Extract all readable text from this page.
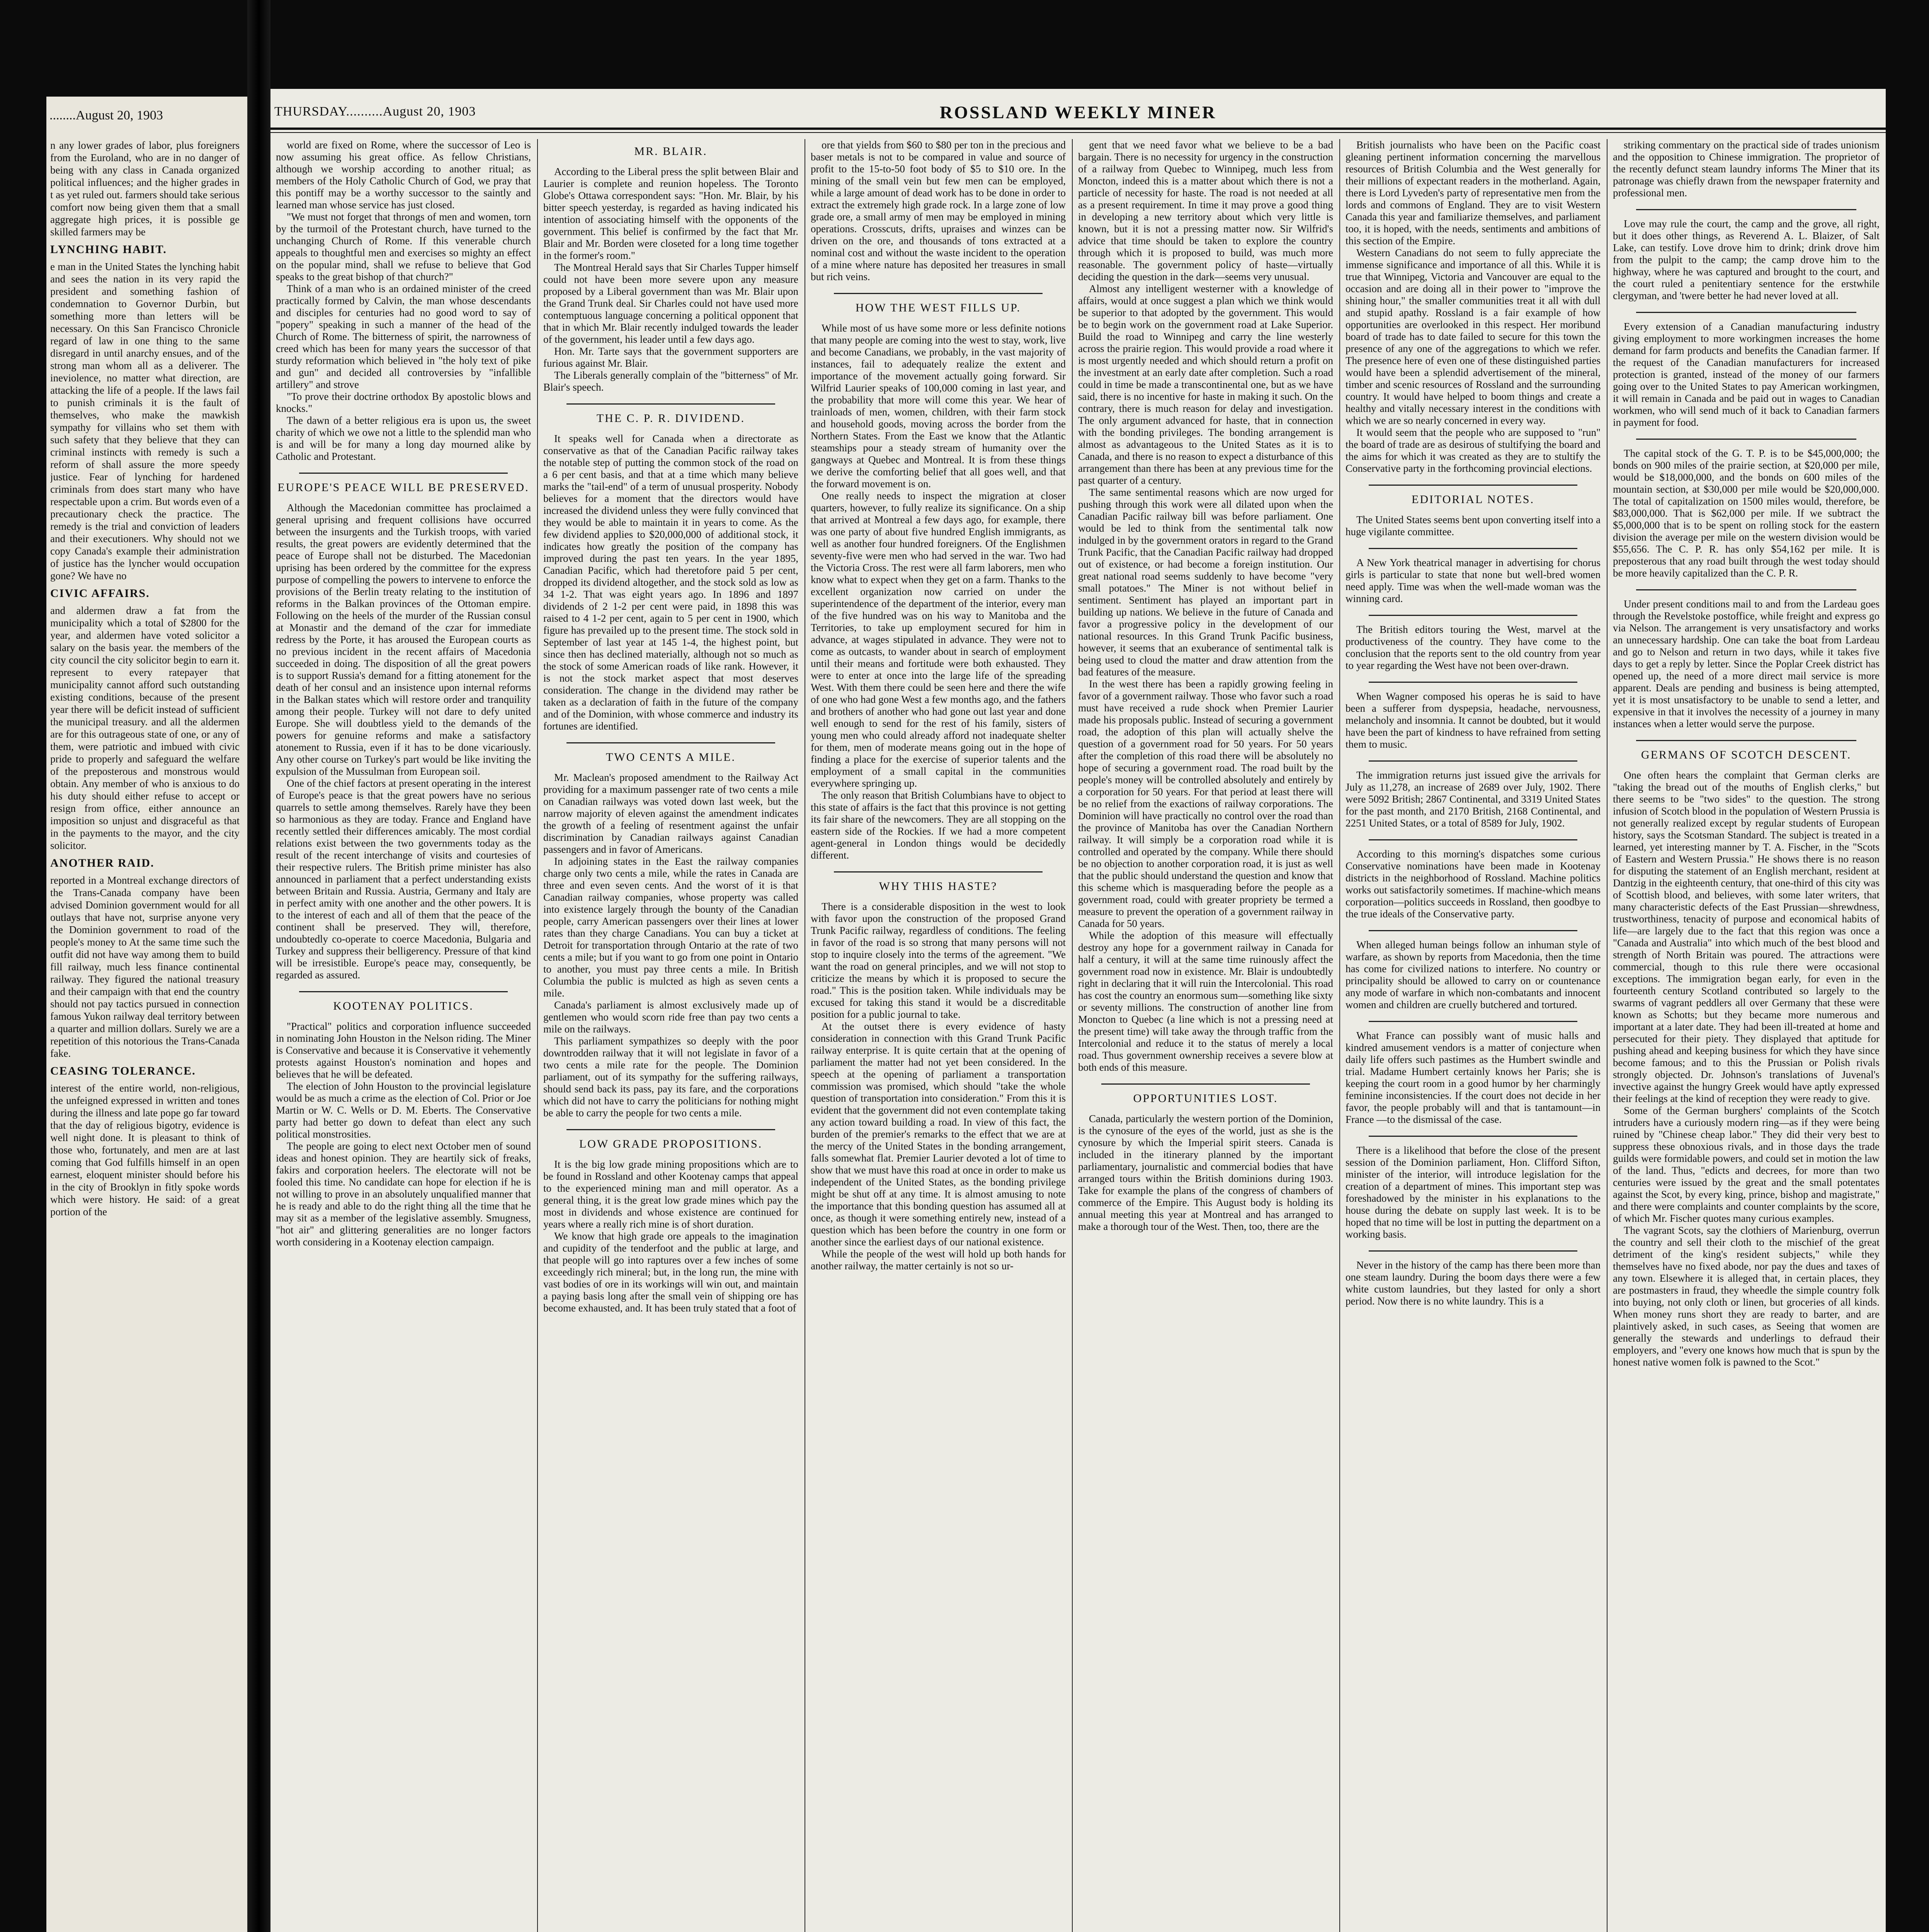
........August 20, 1903

n any lower grades of labor, plus foreigners from the Euroland, who are in no danger of being with any class in Canada organized political influences; and the higher grades in t as yet ruled out. farmers should take serious comfort now being given them that a small aggregate high prices, it is possible ge skilled farmers may be

LYNCHING HABIT.

e man in the United States the lynching habit and sees the nation in its very rapid the president and something fashion of condemnation to Governor Durbin, but something more than letters will be necessary. On this San Francisco Chronicle regard of law in one thing to the same disregard in until anarchy ensues, and of the strong man whom all as a deliverer. The ineviolence, no matter what direction, are attacking the life of a people. If the laws fail to punish criminals it is the fault of themselves, who make the mawkish sympathy for villains who set them with such safety that they believe that they can criminal instincts with remedy is such a reform of shall assure the more speedy justice. Fear of lynching for hardened criminals from does start many who have respectable upon a crim. But words even of a precautionary check the practice. The remedy is the trial and conviction of leaders and their executioners. Why should not we copy Canada's example their administration of justice has the lyncher would occupation gone? We have no

CIVIC AFFAIRS.

and aldermen draw a fat from the municipality which a total of $2800 for the year, and aldermen have voted solicitor a salary on the basis year. the members of the city council the city solicitor begin to earn it. represent to every ratepayer that municipality cannot afford such outstanding existing conditions, because of the present year there will be deficit instead of sufficient the municipal treasury. and all the aldermen are for this outrageous state of one, or any of them, were patriotic and imbued with civic pride to properly and safeguard the welfare of the preposterous and monstrous would obtain. Any member of who is anxious to do his duty should either refuse to accept or resign from office, either announce an imposition so unjust and disgraceful as that in the payments to the mayor, and the city solicitor.

ANOTHER RAID.

reported in a Montreal exchange directors of the Trans-Canada company have been advised Dominion government would for all outlays that have not, surprise anyone very the Dominion government to road of the people's money to At the same time such the outfit did not have way among them to build fill railway, much less finance continental railway. They figured the national treasury and their campaign with that end the country should not pay tactics pursued in connection famous Yukon railway deal territory between a quarter and million dollars. Surely we are a repetition of this notorious the Trans-Canada fake.

CEASING TOLERANCE.

interest of the entire world, non-religious, the unfeigned expressed in written and tones during the illness and late pope go far toward that the day of religious bigotry, evidence is well night done. It is pleasant to think of those who, fortunately, and men are at last coming that God fulfills himself in an open earnest, eloquent minister should before his in the city of Brooklyn in fitly spoke words which were history. He said: of a great portion of the

ROSSLAND WEEKLY MINER
THURSDAY..........August 20, 1903

world are fixed on Rome, where the successor of Leo is now assuming his great office. As fellow Christians, although we worship according to another ritual; as members of the Holy Catholic Church of God, we pray that this pontiff may be a worthy successor to the saintly and learned man whose service has just closed.

"We must not forget that throngs of men and women, torn by the turmoil of the Protestant church, have turned to the unchanging Church of Rome. If this venerable church appeals to thoughtful men and exercises so mighty an effect on the popular mind, shall we refuse to believe that God speaks to the great bishop of that church?"

Think of a man who is an ordained minister of the creed practically formed by Calvin, the man whose descendants and disciples for centuries had no good word to say of "popery" speaking in such a manner of the head of the Church of Rome. The bitterness of spirit, the narrowness of creed which has been for many years the successor of that sturdy reformation which believed in "the holy text of pike and gun" and decided all controversies by "infallible artillery" and strove

"To prove their doctrine orthodox By apostolic blows and knocks."

The dawn of a better religious era is upon us, the sweet charity of which we owe not a little to the splendid man who is and will be for many a long day mourned alike by Catholic and Protestant.

EUROPE'S PEACE WILL BE PRESERVED.

Although the Macedonian committee has proclaimed a general uprising and frequent collisions have occurred between the insurgents and the Turkish troops, with varied results, the great powers are evidently determined that the peace of Europe shall not be disturbed. The Macedonian uprising has been ordered by the committee for the express purpose of compelling the powers to intervene to enforce the provisions of the Berlin treaty relating to the institution of reforms in the Balkan provinces of the Ottoman empire. Following on the heels of the murder of the Russian consul at Monastir and the demand of the czar for immediate redress by the Porte, it has aroused the European courts as no previous incident in the recent affairs of Macedonia succeeded in doing. The disposition of all the great powers is to support Russia's demand for a fitting atonement for the death of her consul and an insistence upon internal reforms in the Balkan states which will restore order and tranquility among their people. Turkey will not dare to defy united Europe. She will doubtless yield to the demands of the powers for genuine reforms and make a satisfactory atonement to Russia, even if it has to be done vicariously. Any other course on Turkey's part would be like inviting the expulsion of the Mussulman from European soil.

One of the chief factors at present operating in the interest of Europe's peace is that the great powers have no serious quarrels to settle among themselves. Rarely have they been so harmonious as they are today. France and England have recently settled their differences amicably. The most cordial relations exist between the two governments today as the result of the recent interchange of visits and courtesies of their respective rulers. The British prime minister has also announced in parliament that a perfect understanding exists between Britain and Russia. Austria, Germany and Italy are in perfect amity with one another and the other powers. It is to the interest of each and all of them that the peace of the continent shall be preserved. They will, therefore, undoubtedly co-operate to coerce Macedonia, Bulgaria and Turkey and suppress their belligerency. Pressure of that kind will be irresistible. Europe's peace may, consequently, be regarded as assured.

KOOTENAY POLITICS.

"Practical" politics and corporation influence succeeded in nominating John Houston in the Nelson riding. The Miner is Conservative and because it is Conservative it vehemently protests against Houston's nomination and hopes and believes that he will be defeated.

The election of John Houston to the provincial legislature would be as much a crime as the election of Col. Prior or Joe Martin or W. C. Wells or D. M. Eberts. The Conservative party had better go down to defeat than elect any such political monstrosities.

The people are going to elect next October men of sound ideas and honest opinion. They are heartily sick of freaks, fakirs and corporation heelers. The electorate will not be fooled this time. No candidate can hope for election if he is not willing to prove in an absolutely unqualified manner that he is ready and able to do the right thing all the time that he may sit as a member of the legislative assembly. Smugness, "hot air" and glittering generalities are no longer factors worth considering in a Kootenay election campaign.

MR. BLAIR.

According to the Liberal press the split between Blair and Laurier is complete and reunion hopeless. The Toronto Globe's Ottawa correspondent says: "Hon. Mr. Blair, by his bitter speech yesterday, is regarded as having indicated his intention of associating himself with the opponents of the government. This belief is confirmed by the fact that Mr. Blair and Mr. Borden were closeted for a long time together in the former's room."

The Montreal Herald says that Sir Charles Tupper himself could not have been more severe upon any measure proposed by a Liberal government than was Mr. Blair upon the Grand Trunk deal. Sir Charles could not have used more contemptuous language concerning a political opponent that that in which Mr. Blair recently indulged towards the leader of the government, his leader until a few days ago.

Hon. Mr. Tarte says that the government supporters are furious against Mr. Blair.

The Liberals generally complain of the "bitterness" of Mr. Blair's speech.

THE C. P. R. DIVIDEND.

It speaks well for Canada when a directorate as conservative as that of the Canadian Pacific railway takes the notable step of putting the common stock of the road on a 6 per cent basis, and that at a time which many believe marks the "tail-end" of a term of unusual prosperity. Nobody believes for a moment that the directors would have increased the dividend unless they were fully convinced that they would be able to maintain it in years to come. As the few dividend applies to $20,000,000 of additional stock, it indicates how greatly the position of the company has improved during the past ten years. In the year 1895, Canadian Pacific, which had theretofore paid 5 per cent, dropped its dividend altogether, and the stock sold as low as 34 1-2. That was eight years ago. In 1896 and 1897 dividends of 2 1-2 per cent were paid, in 1898 this was raised to 4 1-2 per cent, again to 5 per cent in 1900, which figure has prevailed up to the present time. The stock sold in September of last year at 145 1-4, the highest point, but since then has declined materially, although not so much as the stock of some American roads of like rank. However, it is not the stock market aspect that most deserves consideration. The change in the dividend may rather be taken as a declaration of faith in the future of the company and of the Dominion, with whose commerce and industry its fortunes are identified.

TWO CENTS A MILE.

Mr. Maclean's proposed amendment to the Railway Act providing for a maximum passenger rate of two cents a mile on Canadian railways was voted down last week, but the narrow majority of eleven against the amendment indicates the growth of a feeling of resentment against the unfair discrimination by Canadian railways against Canadian passengers and in favor of Americans.

In adjoining states in the East the railway companies charge only two cents a mile, while the rates in Canada are three and even seven cents. And the worst of it is that Canadian railway companies, whose property was called into existence largely through the bounty of the Canadian people, carry American passengers over their lines at lower rates than they charge Canadians. You can buy a ticket at Detroit for transportation through Ontario at the rate of two cents a mile; but if you want to go from one point in Ontario to another, you must pay three cents a mile. In British Columbia the public is mulcted as high as seven cents a mile.

Canada's parliament is almost exclusively made up of gentlemen who would scorn ride free than pay two cents a mile on the railways.

This parliament sympathizes so deeply with the poor downtrodden railway that it will not legislate in favor of a two cents a mile rate for the people. The Dominion parliament, out of its sympathy for the suffering railways, should send back its pass, pay its fare, and the corporations which did not have to carry the politicians for nothing might be able to carry the people for two cents a mile.

LOW GRADE PROPOSITIONS.

It is the big low grade mining propositions which are to be found in Rossland and other Kootenay camps that appeal to the experienced mining man and mill operator. As a general thing, it is the great low grade mines which pay the most in dividends and whose existence are continued for years where a really rich mine is of short duration.

We know that high grade ore appeals to the imagination and cupidity of the tenderfoot and the public at large, and that people will go into raptures over a few inches of some exceedingly rich mineral; but, in the long run, the mine with vast bodies of ore in its workings will win out, and maintain a paying basis long after the small vein of shipping ore has become exhausted, and. It has been truly stated that a foot of

ore that yields from $60 to $80 per ton in the precious and baser metals is not to be compared in value and source of profit to the 15-to-50 foot body of $5 to $10 ore. In the mining of the small vein but few men can be employed, while a large amount of dead work has to be done in order to extract the extremely high grade rock. In a large zone of low grade ore, a small army of men may be employed in mining operations. Crosscuts, drifts, upraises and winzes can be driven on the ore, and thousands of tons extracted at a nominal cost and without the waste incident to the operation of a mine where nature has deposited her treasures in small but rich veins.

HOW THE WEST FILLS UP.

While most of us have some more or less definite notions that many people are coming into the west to stay, work, live and become Canadians, we probably, in the vast majority of instances, fail to adequately realize the extent and importance of the movement actually going forward. Sir Wilfrid Laurier speaks of 100,000 coming in last year, and the probability that more will come this year. We hear of trainloads of men, women, children, with their farm stock and household goods, moving across the border from the Northern States. From the East we know that the Atlantic steamships pour a steady stream of humanity over the gangways at Quebec and Montreal. It is from these things we derive the comforting belief that all goes well, and that the forward movement is on.

One really needs to inspect the migration at closer quarters, however, to fully realize its significance. On a ship that arrived at Montreal a few days ago, for example, there was one party of about five hundred English immigrants, as well as another four hundred foreigners. Of the Englishmen seventy-five were men who had served in the war. Two had the Victoria Cross. The rest were all farm laborers, men who know what to expect when they get on a farm. Thanks to the excellent organization now carried on under the superintendence of the department of the interior, every man of the five hundred was on his way to Manitoba and the Territories, to take up employment secured for him in advance, at wages stipulated in advance. They were not to come as outcasts, to wander about in search of employment until their means and fortitude were both exhausted. They were to enter at once into the large life of the spreading West. With them there could be seen here and there the wife of one who had gone West a few months ago, and the fathers and brothers of another who had gone out last year and done well enough to send for the rest of his family, sisters of young men who could already afford not inadequate shelter for them, men of moderate means going out in the hope of finding a place for the exercise of superior talents and the employment of a small capital in the communities everywhere springing up.

The only reason that British Columbians have to object to this state of affairs is the fact that this province is not getting its fair share of the newcomers. They are all stopping on the eastern side of the Rockies. If we had a more competent agent-general in London things would be decidedly different.

WHY THIS HASTE?

There is a considerable disposition in the west to look with favor upon the construction of the proposed Grand Trunk Pacific railway, regardless of conditions. The feeling in favor of the road is so strong that many persons will not stop to inquire closely into the terms of the agreement. "We want the road on general principles, and we will not stop to criticize the means by which it is proposed to secure the road." This is the position taken. While individuals may be excused for taking this stand it would be a discreditable position for a public journal to take.

At the outset there is every evidence of hasty consideration in connection with this Grand Trunk Pacific railway enterprise. It is quite certain that at the opening of parliament the matter had not yet been considered. In the speech at the opening of parliament a transportation commission was promised, which should "take the whole question of transportation into consideration." From this it is evident that the government did not even contemplate taking any action toward building a road. In view of this fact, the burden of the premier's remarks to the effect that we are at the mercy of the United States in the bonding arrangement, falls somewhat flat. Premier Laurier devoted a lot of time to show that we must have this road at once in order to make us independent of the United States, as the bonding privilege might be shut off at any time. It is almost amusing to note the importance that this bonding question has assumed all at once, as though it were something entirely new, instead of a question which has been before the country in one form or another since the earliest days of our national existence.

While the people of the west will hold up both hands for another railway, the matter certainly is not so ur-

gent that we need favor what we believe to be a bad bargain. There is no necessity for urgency in the construction of a railway from Quebec to Winnipeg, much less from Moncton, indeed this is a matter about which there is not a particle of necessity for haste. The road is not needed at all as a present requirement. In time it may prove a good thing in developing a new territory about which very little is known, but it is not a pressing matter now. Sir Wilfrid's advice that time should be taken to explore the country through which it is proposed to build, was much more reasonable. The government policy of haste—virtually deciding the question in the dark—seems very unusual.

Almost any intelligent westerner with a knowledge of affairs, would at once suggest a plan which we think would be superior to that adopted by the government. This would be to begin work on the government road at Lake Superior. Build the road to Winnipeg and carry the line westerly across the prairie region. This would provide a road where it is most urgently needed and which should return a profit on the investment at an early date after completion. Such a road could in time be made a transcontinental one, but as we have said, there is no incentive for haste in making it such. On the contrary, there is much reason for delay and investigation. The only argument advanced for haste, that in connection with the bonding privileges. The bonding arrangement is almost as advantageous to the United States as it is to Canada, and there is no reason to expect a disturbance of this arrangement than there has been at any previous time for the past quarter of a century.

The same sentimental reasons which are now urged for pushing through this work were all dilated upon when the Canadian Pacific railway bill was before parliament. One would be led to think from the sentimental talk now indulged in by the government orators in regard to the Grand Trunk Pacific, that the Canadian Pacific railway had dropped out of existence, or had become a foreign institution. Our great national road seems suddenly to have become "very small potatoes." The Miner is not without belief in sentiment. Sentiment has played an important part in building up nations. We believe in the future of Canada and favor a progressive policy in the development of our national resources. In this Grand Trunk Pacific business, however, it seems that an exuberance of sentimental talk is being used to cloud the matter and draw attention from the bad features of the measure.

In the west there has been a rapidly growing feeling in favor of a government railway. Those who favor such a road must have received a rude shock when Premier Laurier made his proposals public. Instead of securing a government road, the adoption of this plan will actually shelve the question of a government road for 50 years. For 50 years after the completion of this road there will be absolutely no hope of securing a government road. The road built by the people's money will be controlled absolutely and entirely by a corporation for 50 years. For that period at least there will be no relief from the exactions of railway corporations. The Dominion will have practically no control over the road than the province of Manitoba has over the Canadian Northern railway. It will simply be a corporation road while it is controlled and operated by the company. While there should be no objection to another corporation road, it is just as well that the public should understand the question and know that this scheme which is masquerading before the people as a government road, could with greater propriety be termed a measure to prevent the operation of a government railway in Canada for 50 years.

While the adoption of this measure will effectually destroy any hope for a government railway in Canada for half a century, it will at the same time ruinously affect the government road now in existence. Mr. Blair is undoubtedly right in declaring that it will ruin the Intercolonial. This road has cost the country an enormous sum—something like sixty or seventy millions. The construction of another line from Moncton to Quebec (a line which is not a pressing need at the present time) will take away the through traffic from the Intercolonial and reduce it to the status of merely a local road. Thus government ownership receives a severe blow at both ends of this measure.

OPPORTUNITIES LOST.

Canada, particularly the western portion of the Dominion, is the cynosure of the eyes of the world, just as she is the cynosure by which the Imperial spirit steers. Canada is included in the itinerary planned by the important parliamentary, journalistic and commercial bodies that have arranged tours within the British dominions during 1903. Take for example the plans of the congress of chambers of commerce of the Empire. This August body is holding its annual meeting this year at Montreal and has arranged to make a thorough tour of the West. Then, too, there are the

British journalists who have been on the Pacific coast gleaning pertinent information concerning the marvellous resources of British Columbia and the West generally for their millions of expectant readers in the motherland. Again, there is Lord Lyveden's party of representative men from the lords and commons of England. They are to visit Western Canada this year and familiarize themselves, and parliament too, it is hoped, with the needs, sentiments and ambitions of this section of the Empire.

Western Canadians do not seem to fully appreciate the immense significance and importance of all this. While it is true that Winnipeg, Victoria and Vancouver are equal to the occasion and are doing all in their power to "improve the shining hour," the smaller communities treat it all with dull and stupid apathy. Rossland is a fair example of how opportunities are overlooked in this respect. Her moribund board of trade has to date failed to secure for this town the presence of any one of the aggregations to which we refer. The presence here of even one of these distinguished parties would have been a splendid advertisement of the mineral, timber and scenic resources of Rossland and the surrounding country. It would have helped to boom things and create a healthy and vitally necessary interest in the conditions with which we are so nearly concerned in every way.

It would seem that the people who are supposed to "run" the board of trade are as desirous of stultifying the board and the aims for which it was created as they are to stultify the Conservative party in the forthcoming provincial elections.

EDITORIAL NOTES.

The United States seems bent upon converting itself into a huge vigilante committee.

A New York theatrical manager in advertising for chorus girls is particular to state that none but well-bred women need apply. Time was when the well-made woman was the winning card.

The British editors touring the West, marvel at the productiveness of the country. They have come to the conclusion that the reports sent to the old country from year to year regarding the West have not been over-drawn.

When Wagner composed his operas he is said to have been a sufferer from dyspepsia, headache, nervousness, melancholy and insomnia. It cannot be doubted, but it would have been the part of kindness to have refrained from setting them to music.

The immigration returns just issued give the arrivals for July as 11,278, an increase of 2689 over July, 1902. There were 5092 British; 2867 Continental, and 3319 United States for the past month, and 2170 British, 2168 Continental, and 2251 United States, or a total of 8589 for July, 1902.

According to this morning's dispatches some curious Conservative nominations have been made in Kootenay districts in the neighborhood of Rossland. Machine politics works out satisfactorily sometimes. If machine-which means corporation—politics succeeds in Rossland, then goodbye to the true ideals of the Conservative party.

When alleged human beings follow an inhuman style of warfare, as shown by reports from Macedonia, then the time has come for civilized nations to interfere. No country or principality should be allowed to carry on or countenance any mode of warfare in which non-combatants and innocent women and children are cruelly butchered and tortured.

What France can possibly want of music halls and kindred amusement vendors is a matter of conjecture when daily life offers such pastimes as the Humbert swindle and trial. Madame Humbert certainly knows her Paris; she is keeping the court room in a good humor by her charmingly feminine inconsistencies. If the court does not decide in her favor, the people probably will and that is tantamount—in France —to the dismissal of the case.

There is a likelihood that before the close of the present session of the Dominion parliament, Hon. Clifford Sifton, minister of the interior, will introduce legislation for the creation of a department of mines. This important step was foreshadowed by the minister in his explanations to the house during the debate on supply last week. It is to be hoped that no time will be lost in putting the department on a working basis.

Never in the history of the camp has there been more than one steam laundry. During the boom days there were a few white custom laundries, but they lasted for only a short period. Now there is no white laundry. This is a

striking commentary on the practical side of trades unionism and the opposition to Chinese immigration. The proprietor of the recently defunct steam laundry informs The Miner that its patronage was chiefly drawn from the newspaper fraternity and professional men.

Love may rule the court, the camp and the grove, all right, but it does other things, as Reverend A. L. Blaizer, of Salt Lake, can testify. Love drove him to drink; drink drove him from the pulpit to the camp; the camp drove him to the highway, where he was captured and brought to the court, and the court ruled a penitentiary sentence for the erstwhile clergyman, and 'twere better he had never loved at all.

Every extension of a Canadian manufacturing industry giving employment to more workingmen increases the home demand for farm products and benefits the Canadian farmer. If the request of the Canadian manufacturers for increased protection is granted, instead of the money of our farmers going over to the United States to pay American workingmen, it will remain in Canada and be paid out in wages to Canadian workmen, who will send much of it back to Canadian farmers in payment for food.

The capital stock of the G. T. P. is to be $45,000,000; the bonds on 900 miles of the prairie section, at $20,000 per mile, would be $18,000,000, and the bonds on 600 miles of the mountain section, at $30,000 per mile would be $20,000,000. The total of capitalization on 1500 miles would, therefore, be $83,000,000. That is $62,000 per mile. If we subtract the $5,000,000 that is to be spent on rolling stock for the eastern division the average per mile on the western division would be $55,656. The C. P. R. has only $54,162 per mile. It is preposterous that any road built through the west today should be more heavily capitalized than the C. P. R.

Under present conditions mail to and from the Lardeau goes through the Revelstoke postoffice, while freight and express go via Nelson. The arrangement is very unsatisfactory and works an unnecessary hardship. One can take the boat from Lardeau and go to Nelson and return in two days, while it takes five days to get a reply by letter. Since the Poplar Creek district has opened up, the need of a more direct mail service is more apparent. Deals are pending and business is being attempted, yet it is most unsatisfactory to be unable to send a letter, and expensive in that it involves the necessity of a journey in many instances when a letter would serve the purpose.

GERMANS OF SCOTCH DESCENT.

One often hears the complaint that German clerks are "taking the bread out of the mouths of English clerks," but there seems to be "two sides" to the question. The strong infusion of Scotch blood in the population of Western Prussia is not generally realized except by regular students of European history, says the Scotsman Standard. The subject is treated in a learned, yet interesting manner by T. A. Fischer, in the "Scots of Eastern and Western Prussia." He shows there is no reason for disputing the statement of an English merchant, resident at Dantzig in the eighteenth century, that one-third of this city was of Scottish blood, and believes, with some later writers, that many characteristic defects of the East Prussian—shrewdness, trustworthiness, tenacity of purpose and economical habits of life—are largely due to the fact that this region was once a "Canada and Australia" into which much of the best blood and strength of North Britain was poured. The attractions were commercial, though to this rule there were occasional exceptions. The immigration began early, for even in the fourteenth century Scotland contributed so largely to the swarms of vagrant peddlers all over Germany that these were known as Schotts; but they became more numerous and important at a later date. They had been ill-treated at home and persecuted for their piety. They displayed that aptitude for pushing ahead and keeping business for which they have since become famous; and to this the Prussian or Polish rivals strongly objected. Dr. Johnson's translations of Juvenal's invective against the hungry Greek would have aptly expressed their feelings at the kind of reception they were ready to give.

Some of the German burghers' complaints of the Scotch intruders have a curiously modern ring—as if they were being ruined by "Chinese cheap labor." They did their very best to suppress these obnoxious rivals, and in those days the trade guilds were formidable powers, and could set in motion the law of the land. Thus, "edicts and decrees, for more than two centuries were issued by the great and the small potentates against the Scot, by every king, prince, bishop and magistrate," and there were complaints and counter complaints by the score, of which Mr. Fischer quotes many curious examples.

The vagrant Scots, say the clothiers of Marienburg, overrun the country and sell their cloth to the mischief of the great detriment of the king's resident subjects," while they themselves have no fixed abode, nor pay the dues and taxes of any town. Elsewhere it is alleged that, in certain places, they are postmasters in fraud, they wheedle the simple country folk into buying, not only cloth or linen, but groceries of all kinds. When money runs short they are ready to barter, and are plaintively asked, in such cases, as Seeing that women are generally the stewards and underlings to defraud their employers, and "every one knows how much that is spun by the honest native women folk is pawned to the Scot."
